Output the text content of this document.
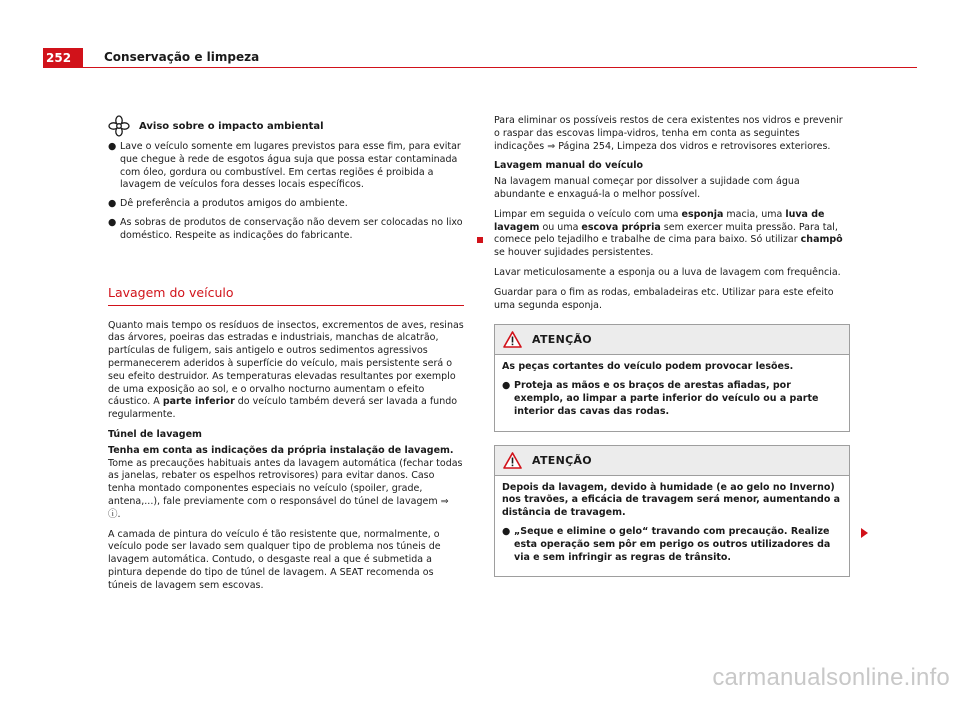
252	Conservação e limpeza
Aviso sobre o impacto ambiental
● Lave o veículo somente em lugares previstos para esse fim, para evitar que chegue à rede de esgotos água suja que possa estar contaminada com óleo, gordura ou combustível. Em certas regiões é proibida a lavagem de veículos fora desses locais específicos.
● Dê preferência a produtos amigos do ambiente.
● As sobras de produtos de conservação não devem ser colocadas no lixo doméstico. Respeite as indicações do fabricante.
Lavagem do veículo

Quanto mais tempo os resíduos de insectos, excrementos de aves, resinas das árvores, poeiras das estradas e industriais, manchas de alcatrão, partículas de fuligem, sais antigelo e outros sedimentos agressivos permanecerem aderidos à superfície do veículo, mais persistente será o seu efeito destruidor. As temperaturas elevadas resultantes por exemplo de uma exposição ao sol, e o orvalho nocturno aumentam o efeito cáustico. A parte inferior do veículo também deverá ser lavada a fundo regularmente.

Túnel de lavagem

Tenha em conta as indicações da própria instalação de lavagem. Tome as precauções habituais antes da lavagem automática (fechar todas as janelas, rebater os espelhos retrovisores) para evitar danos. Caso tenha montado componentes especiais no veículo (spoiler, grade, antena,...), fale previamente com o responsável do túnel de lavagem ⇒ ⓘ.

A camada de pintura do veículo é tão resistente que, normalmente, o veículo pode ser lavado sem qualquer tipo de problema nos túneis de lavagem automática. Contudo, o desgaste real a que é submetida a pintura depende do tipo de túnel de lavagem. A SEAT recomenda os túneis de lavagem sem escovas.

Para eliminar os possíveis restos de cera existentes nos vidros e prevenir o raspar das escovas limpa-vidros, tenha em conta as seguintes indicações ⇒ Página 254, Limpeza dos vidros e retrovisores exteriores.

Lavagem manual do veículo

Na lavagem manual começar por dissolver a sujidade com água abundante e enxaguá-la o melhor possível.

Limpar em seguida o veículo com uma esponja macia, uma luva de lavagem ou uma escova própria sem exercer muita pressão. Para tal, comece pelo tejadilho e trabalhe de cima para baixo. Só utilizar champô se houver sujidades persistentes.

Lavar meticulosamente a esponja ou a luva de lavagem com frequência.

Guardar para o fim as rodas, embaladeiras etc. Utilizar para este efeito uma segunda esponja.

ATENÇÃO

As peças cortantes do veículo podem provocar lesões.

● Proteja as mãos e os braços de arestas afiadas, por exemplo, ao limpar a parte inferior do veículo ou a parte interior das cavas das rodas.
ATENÇÃO

Depois da lavagem, devido à humidade (e ao gelo no Inverno) nos travões, a eficácia de travagem será menor, aumentando a distância de travagem.

● „Seque e elimine o gelo“ travando com precaução. Realize esta operação sem pôr em perigo os outros utilizadores da via e sem infringir as regras de trânsito.
carmanualsonline.info
